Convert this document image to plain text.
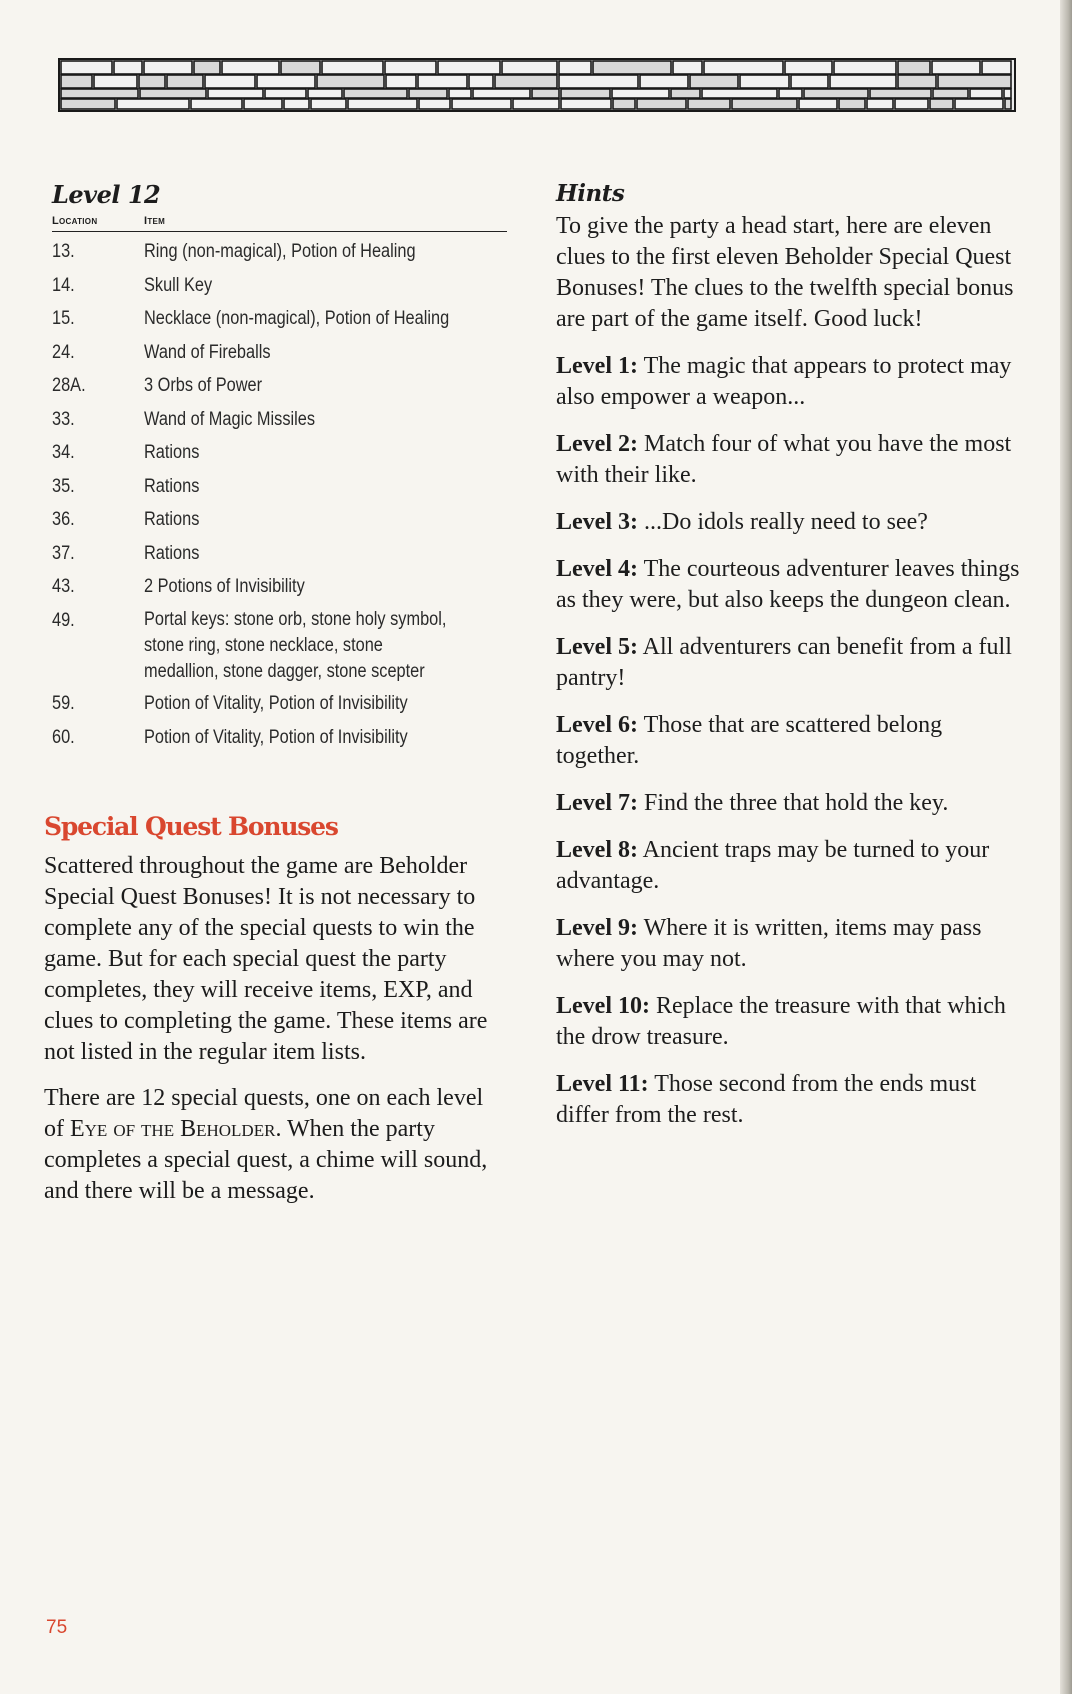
Level 12
Location	Item
13.	Ring (non-magical), Potion of Healing
14.	Skull Key
15.	Necklace (non-magical), Potion of Healing
24.	Wand of Fireballs
28A.	3 Orbs of Power
33.	Wand of Magic Missiles
34.	Rations
35.	Rations
36.	Rations
37.	Rations
43.	2 Potions of Invisibility
49.	Portal keys: stone orb, stone holy symbol, stone ring, stone necklace, stone medallion, stone dagger, stone scepter
59.	Potion of Vitality, Potion of Invisibility
60.	Potion of Vitality, Potion of Invisibility
Special Quest Bonuses

Scattered throughout the game are Beholder Special Quest Bonuses! It is not necessary to complete any of the special quests to win the game. But for each special quest the party completes, they will receive items, EXP, and clues to completing the game. These items are not listed in the regular item lists.

There are 12 special quests, one on each level of Eye of the Beholder. When the party completes a special quest, a chime will sound, and there will be a message.

Hints

To give the party a head start, here are eleven clues to the first eleven Beholder Special Quest Bonuses! The clues to the twelfth special bonus are part of the game itself. Good luck!

Level 1: The magic that appears to protect may also empower a weapon...

Level 2: Match four of what you have the most with their like.

Level 3: ...Do idols really need to see?

Level 4: The courteous adventurer leaves things as they were, but also keeps the dungeon clean.

Level 5: All adventurers can benefit from a full pantry!

Level 6: Those that are scattered belong together.

Level 7: Find the three that hold the key.

Level 8: Ancient traps may be turned to your advantage.

Level 9: Where it is written, items may pass where you may not.

Level 10: Replace the treasure with that which the drow treasure.

Level 11: Those second from the ends must differ from the rest.

75
